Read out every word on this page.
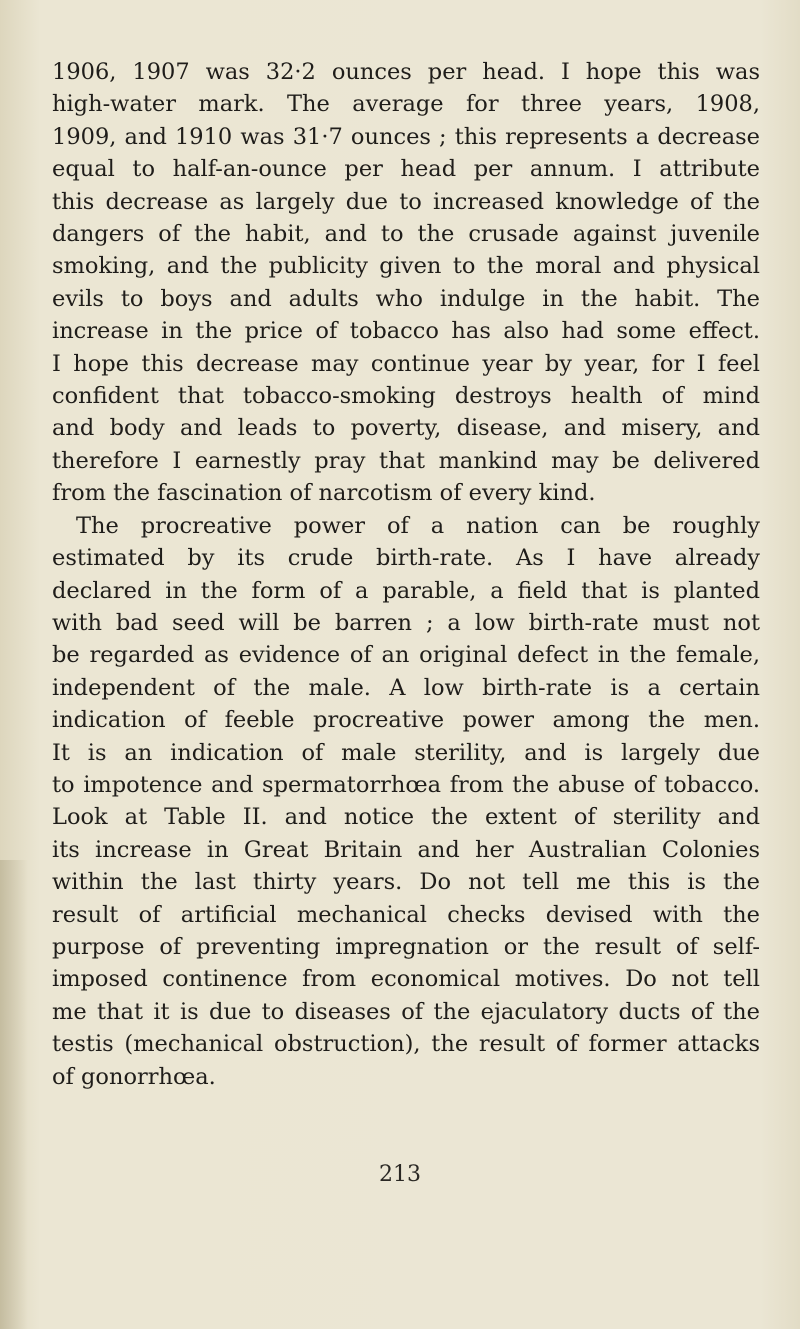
1906, 1907 was 32·2 ounces per head. I hope this was
high-water mark. The average for three years, 1908,
1909, and 1910 was 31·7 ounces ; this represents a decrease
equal to half-an-ounce per head per annum. I attribute
this decrease as largely due to increased knowledge of the
dangers of the habit, and to the crusade against juvenile
smoking, and the publicity given to the moral and physical
evils to boys and adults who indulge in the habit. The
increase in the price of tobacco has also had some effect.
I hope this decrease may continue year by year, for I feel
confident that tobacco-smoking destroys health of mind
and body and leads to poverty, disease, and misery, and
therefore I earnestly pray that mankind may be delivered
from the fascination of narcotism of every kind.
The procreative power of a nation can be roughly
estimated by its crude birth-rate. As I have already
declared in the form of a parable, a field that is planted
with bad seed will be barren ; a low birth-rate must not
be regarded as evidence of an original defect in the female,
independent of the male. A low birth-rate is a certain
indication of feeble procreative power among the men.
It is an indication of male sterility, and is largely due
to impotence and spermatorrhœa from the abuse of tobacco.
Look at Table II. and notice the extent of sterility and
its increase in Great Britain and her Australian Colonies
within the last thirty years. Do not tell me this is the
result of artificial mechanical checks devised with the
purpose of preventing impregnation or the result of self-
imposed continence from economical motives. Do not tell
me that it is due to diseases of the ejaculatory ducts of the
testis (mechanical obstruction), the result of former attacks
of gonorrhœa.
213
